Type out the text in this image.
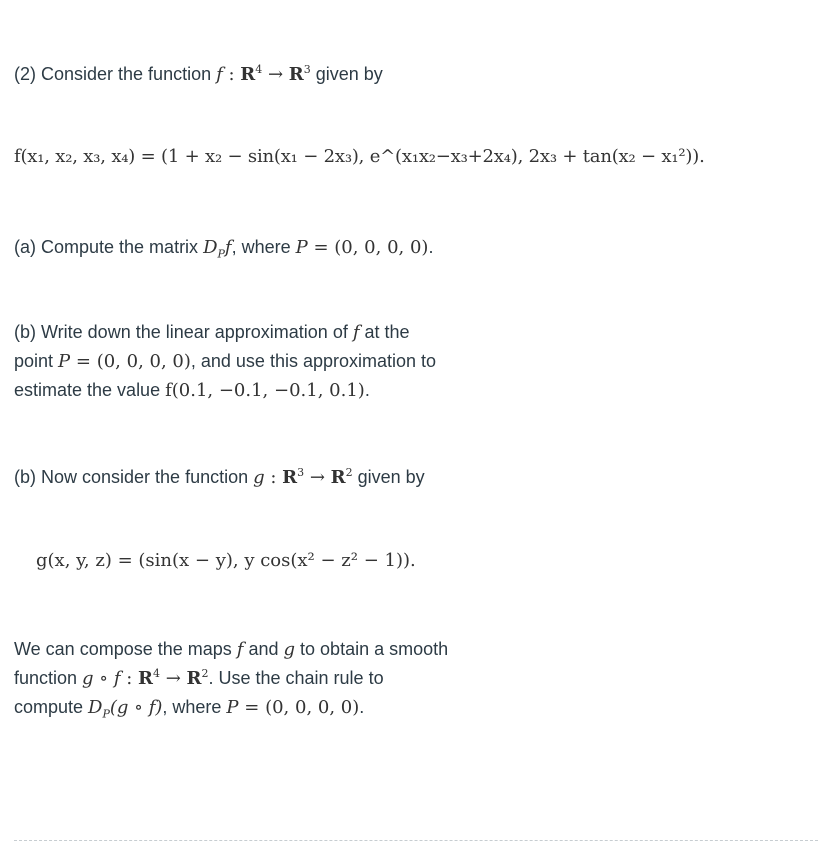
(2) Consider the function f : $R^4 \to R^3$ given by
f(x₁, x₂, x₃, x₄) = (1 + x₂ − sin(x₁ − 2x₃), e^(x₁x₂−x₃+2x₄), 2x₃ + tan(x₂ − x₁²)).
(a) Compute the matrix $D_Pf$, where P = (0, 0, 0, 0).
(b) Write down the linear approximation of f at the
point P = (0, 0, 0, 0), and use this approximation to
estimate the value f(0.1, −0.1, −0.1, 0.1).
(b) Now consider the function g : $R^3 \to R^2$ given by
g(x, y, z) = (sin(x − y), y cos(x² − z² − 1)).
We can compose the maps f and g to obtain a smooth
function g ∘ f : $R^4 \to R^2$. Use the chain rule to
compute $D_P(g$ ∘ f), where P = (0, 0, 0, 0).
